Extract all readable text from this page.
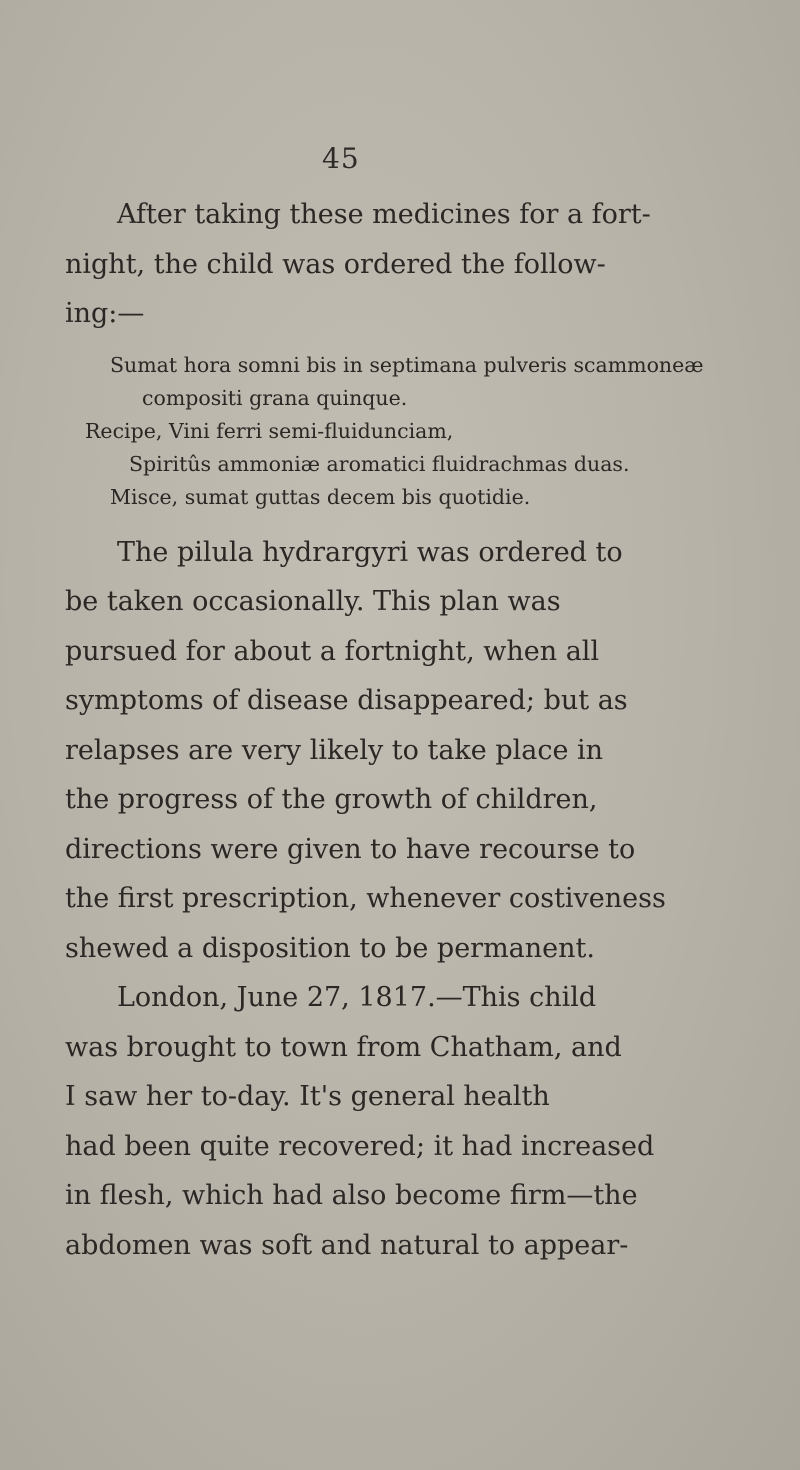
45
After taking these medicines for a fort-
night, the child was ordered the follow-
ing:—
Sumat hora somni bis in septimana pulveris scammoneæ
compositi grana quinque.
Recipe, Vini ferri semi-fluidunciam,
Spiritûs ammoniæ aromatici fluidrachmas duas.
Misce, sumat guttas decem bis quotidie.
The pilula hydrargyri was ordered to
be taken occasionally. This plan was
pursued for about a fortnight, when all
symptoms of disease disappeared; but as
relapses are very likely to take place in
the progress of the growth of children,
directions were given to have recourse to
the first prescription, whenever costiveness
shewed a disposition to be permanent.
London, June 27, 1817.—This child
was brought to town from Chatham, and
I saw her to-day. It's general health
had been quite recovered; it had increased
in flesh, which had also become firm—the
abdomen was soft and natural to appear-
